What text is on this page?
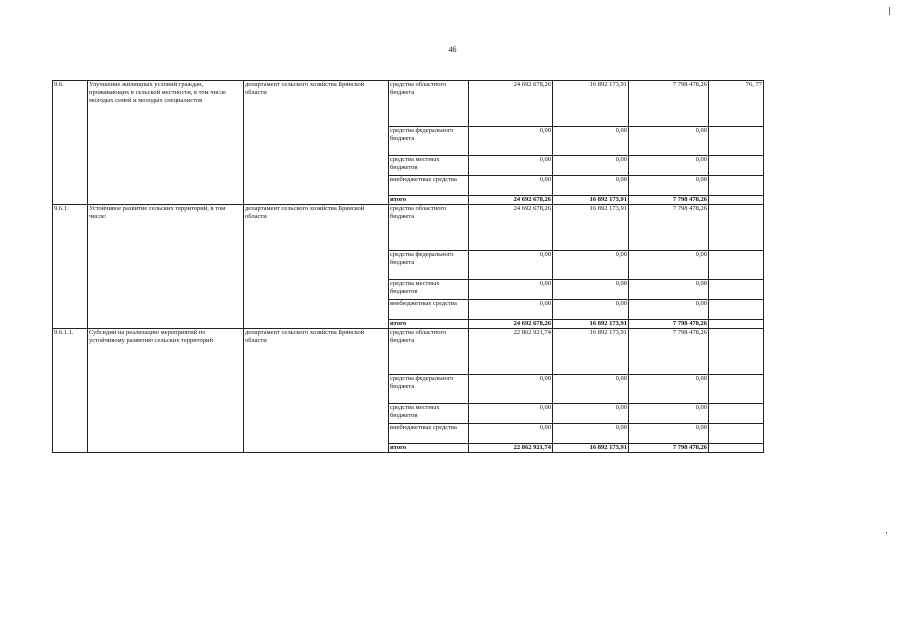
46
9.6.	Улучшение жилищных условий граждан, проживающих в сельской местности, в том числе молодых семей и молодых специалистов	департамент сельского хозяйства Брянской области	средства областного бюджета	24 692 678,26	16 892 173,91	7 798 478,26	76, 77
			средства федерального бюджета	0,00	0,00	0,00	
			средства местных бюджетов	0,00	0,00	0,00	
			внебюджетные средства	0,00	0,00	0,00	
			итого	24 692 678,26	16 892 173,91	7 798 478,26	
9.6.1.	Устойчивое развитие сельских территорий, в том числе:	департамент сельского хозяйства Брянской области	средства областного бюджета	24 692 678,26	16 892 173,91	7 798 478,26	
			средства федерального бюджета	0,00	0,00	0,00	
			средства местных бюджетов	0,00	0,00	0,00	
			внебюджетные средства	0,00	0,00	0,00	
			итого	24 692 678,26	16 892 173,91	7 798 478,26	
9.6.1.1.	Субсидии на реализацию мероприятий по устойчивому развитию сельских территорий	департамент сельского хозяйства Брянской области	средства областного бюджета	22 862 921,74	16 892 173,91	7 798 478,26	
			средства федерального бюджета	0,00	0,00	0,00	
			средства местных бюджетов	0,00	0,00	0,00	
			внебюджетные средства	0,00	0,00	0,00	
			итого	22 862 921,74	16 892 173,91	7 798 478,26	
